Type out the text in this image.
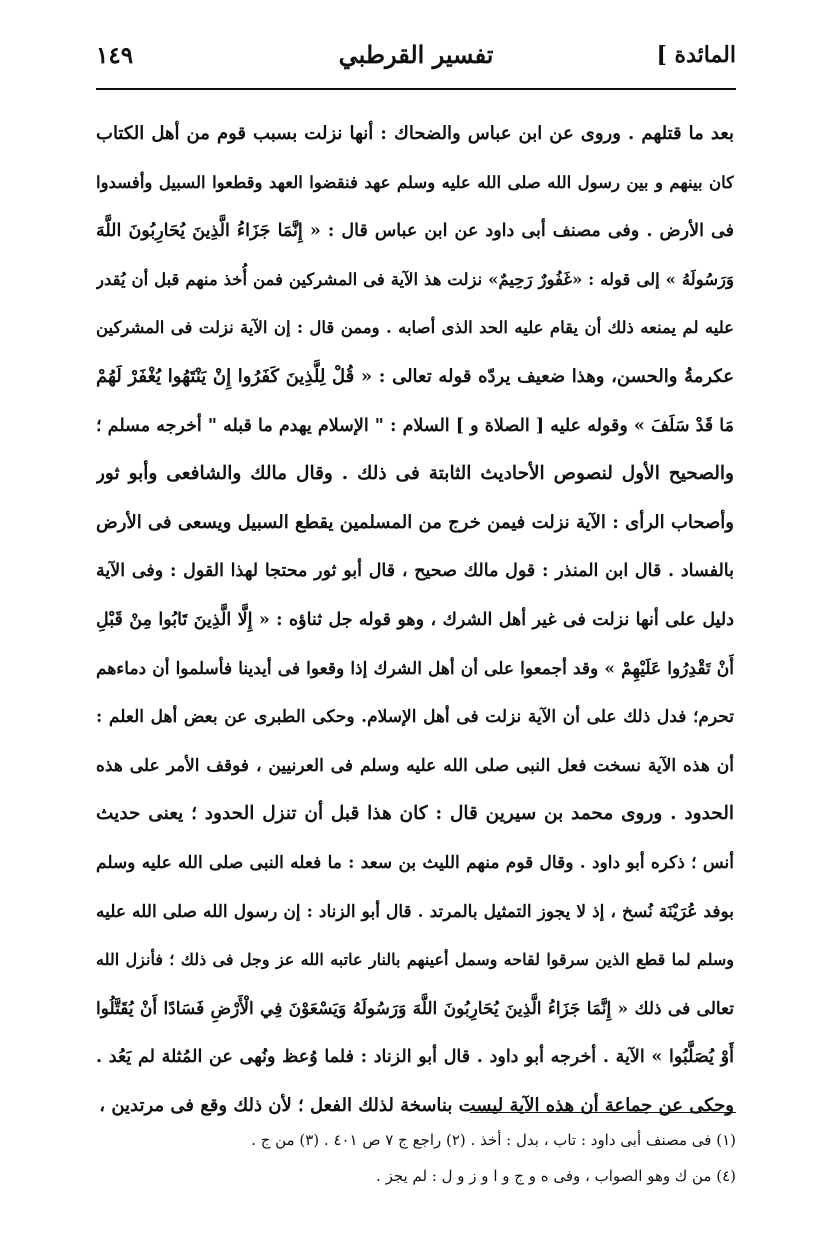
المائدة ]
تفسير القرطبي
١٤٩
بعد ما قتلهم . وروى عن ابن عباس والضحاك : أنها نزلت بسبب قوم من أهل الكتاب
كان بينهم و بين رسول الله صلى الله عليه وسلم عهد فنقضوا العهد وقطعوا السبيل وأفسدوا
فى الأرض . وفى مصنف أبى داود عن ابن عباس قال : « إِنَّمَا جَزَاءُ الَّذِينَ يُحَارِبُونَ اللَّهَ
وَرَسُولَهُ » إلى قوله : «غَفُورٌ رَحِيمٌ» نزلت هذ الآية فى المشركين فمن أُخذ منهم قبل أن يُقدر
عليه لم يمنعه ذلك أن يقام عليه الحد الذى أصابه . وممن قال : إن الآية نزلت فى المشركين
عكرمةُ والحسن، وهذا ضعيف يردّه قوله تعالى : « قُلْ لِلَّذِينَ كَفَرُوا إِنْ يَنْتَهُوا يُغْفَرْ لَهُمْ
مَا قَدْ سَلَفَ » وقوله عليه [ الصلاة و ] السلام : " الإسلام يهدم ما قبله " أخرجه مسلم ؛
والصحيح الأول لنصوص الأحاديث الثابتة فى ذلك . وقال مالك والشافعى وأبو ثور
وأصحاب الرأى : الآية نزلت فيمن خرج من المسلمين يقطع السبيل ويسعى فى الأرض
بالفساد . قال ابن المنذر : قول مالك صحيح ، قال أبو ثور محتجا لهذا القول : وفى الآية
دليل على أنها نزلت فى غير أهل الشرك ، وهو قوله جل ثناؤه : « إِلَّا الَّذِينَ تَابُوا مِنْ قَبْلِ
أَنْ تَقْدِرُوا عَلَيْهِمْ » وقد أجمعوا على أن أهل الشرك إذا وقعوا فى أيدينا فأسلموا أن دماءهم
تحرم؛ فدل ذلك على أن الآية نزلت فى أهل الإسلام. وحكى الطبرى عن بعض أهل العلم :
أن هذه الآية نسخت فعل النبى صلى الله عليه وسلم فى العرنيين ، فوقف الأمر على هذه
الحدود . وروى محمد بن سيرين قال : كان هذا قبل أن تنزل الحدود ؛ يعنى حديث
أنس ؛ ذكره أبو داود . وقال قوم منهم الليث بن سعد : ما فعله النبى صلى الله عليه وسلم
بوفد عُرَيْنَة نُسخ ، إذ لا يجوز التمثيل بالمرتد . قال أبو الزناد : إن رسول الله صلى الله عليه
وسلم لما قطع الذين سرقوا لقاحه وسمل أعينهم بالنار عاتبه الله عز وجل فى ذلك ؛ فأنزل الله
تعالى فى ذلك « إِنَّمَا جَزَاءُ الَّذِينَ يُحَارِبُونَ اللَّهَ وَرَسُولَهُ وَيَسْعَوْنَ فِي الْأَرْضِ فَسَادًا أَنْ يُقَتَّلُوا
أَوْ يُصَلَّبُوا » الآية . أخرجه أبو داود . قال أبو الزناد : فلما وُعظ ونُهى عن المُثلة لم يَعُد .
وحكى عن جماعة أن هذه الآية ليست بناسخة لذلك الفعل ؛ لأن ذلك وقع فى مرتدين ،
(١) فى مصنف أبى داود : تاب ، بدل : أخذ . (٢) راجع ج ٧ ص ٤٠١ . (٣) من ج .
(٤) من ك وهو الصواب ، وفى ه و ج و ا و ز و ل : لم يجز .
